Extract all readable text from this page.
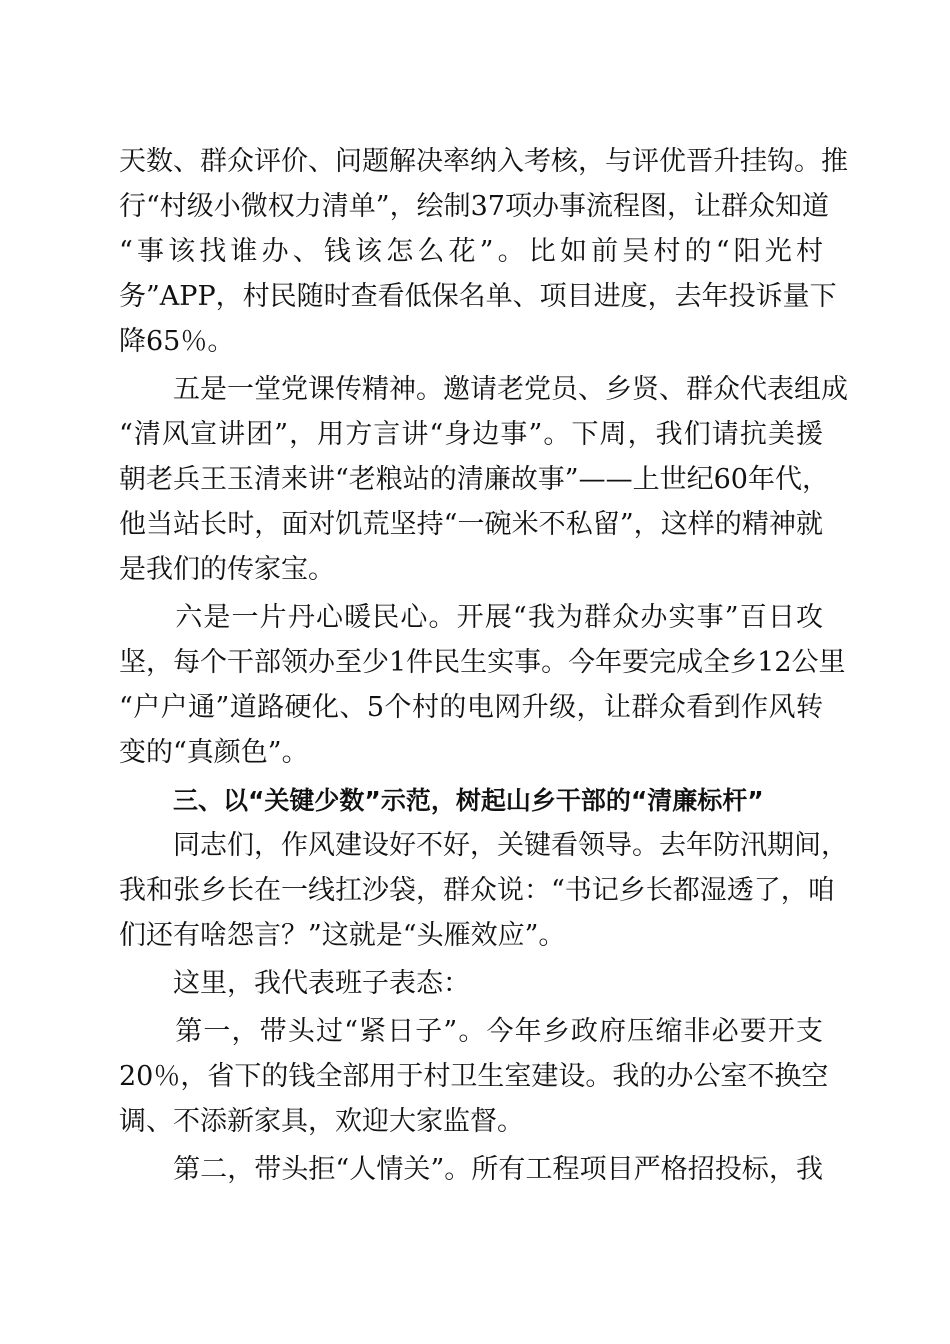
天数、群众评价、问题解决率纳入考核，与评优晋升挂钩。推
行“村级小微权力清单”，绘制37项办事流程图，让群众知道
“事该找谁办、钱该怎么花”。比如前吴村的“阳光村
务”APP，村民随时查看低保名单、项目进度，去年投诉量下
降65％。
　　五是一堂党课传精神。邀请老党员、乡贤、群众代表组成
“清风宣讲团”，用方言讲“身边事”。下周，我们请抗美援
朝老兵王玉清来讲“老粮站的清廉故事”——上世纪60年代，
他当站长时，面对饥荒坚持“一碗米不私留”，这样的精神就
是我们的传家宝。
　　六是一片丹心暖民心。开展“我为群众办实事”百日攻
坚，每个干部领办至少1件民生实事。今年要完成全乡12公里
“户户通”道路硬化、5个村的电网升级，让群众看到作风转
变的“真颜色”。
三、以“关键少数”示范，树起山乡干部的“清廉标杆”
　　同志们，作风建设好不好，关键看领导。去年防汛期间，
我和张乡长在一线扛沙袋，群众说：“书记乡长都湿透了，咱
们还有啥怨言？”这就是“头雁效应”。
　　这里，我代表班子表态：
　　第一，带头过“紧日子”。今年乡政府压缩非必要开支
20％，省下的钱全部用于村卫生室建设。我的办公室不换空
调、不添新家具，欢迎大家监督。
　　第二，带头拒“人情关”。所有工程项目严格招投标，我
